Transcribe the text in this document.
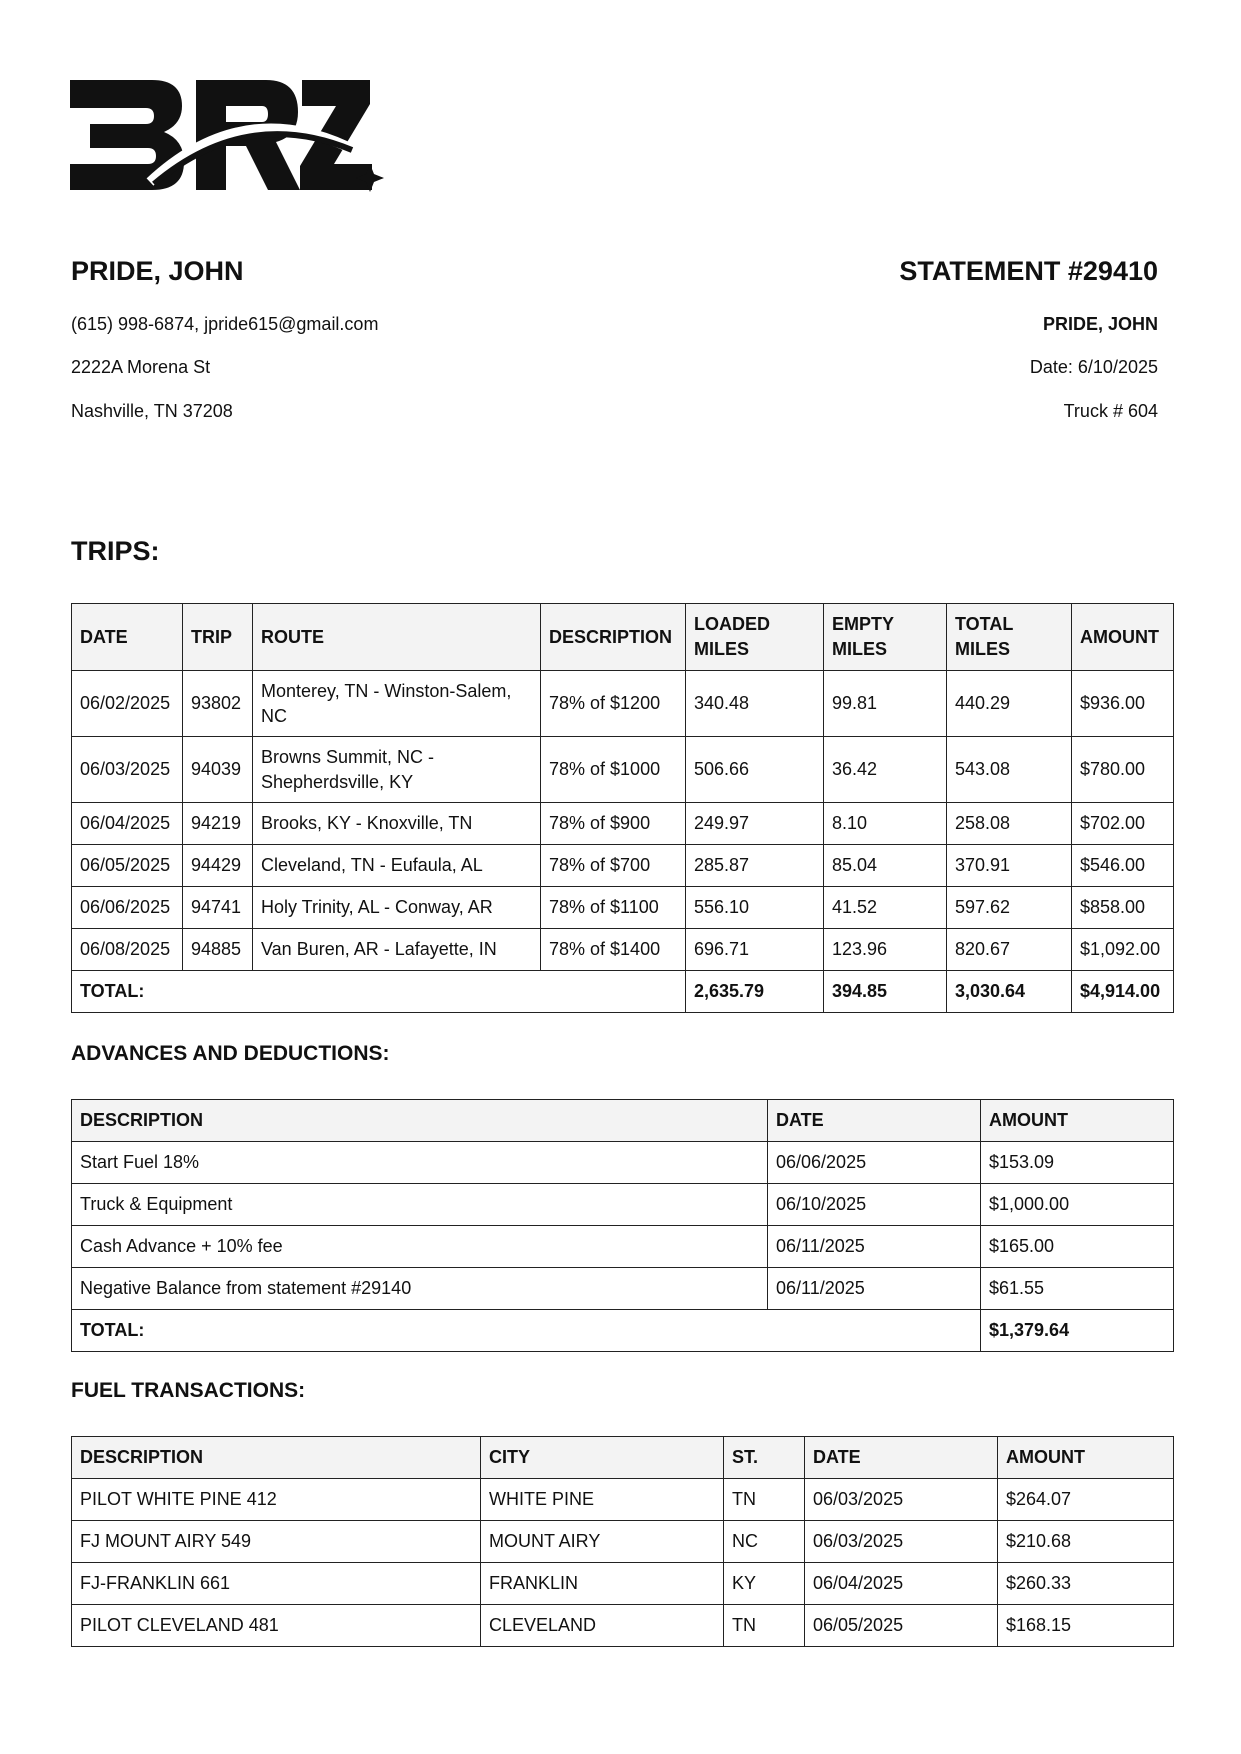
PRIDE, JOHN
(615) 998-6874, jpride615@gmail.com
2222A Morena St
Nashville, TN 37208
STATEMENT #29410
PRIDE, JOHN
Date: 6/10/2025
Truck # 604
TRIPS:
DATE	TRIP	ROUTE	DESCRIPTION	LOADED MILES	EMPTY MILES	TOTAL MILES	AMOUNT
06/02/2025	93802	Monterey, TN - Winston-Salem, NC	78% of $1200	340.48	99.81	440.29	$936.00
06/03/2025	94039	Browns Summit, NC - Shepherdsville, KY	78% of $1000	506.66	36.42	543.08	$780.00
06/04/2025	94219	Brooks, KY - Knoxville, TN	78% of $900	249.97	8.10	258.08	$702.00
06/05/2025	94429	Cleveland, TN - Eufaula, AL	78% of $700	285.87	85.04	370.91	$546.00
06/06/2025	94741	Holy Trinity, AL - Conway, AR	78% of $1100	556.10	41.52	597.62	$858.00
06/08/2025	94885	Van Buren, AR - Lafayette, IN	78% of $1400	696.71	123.96	820.67	$1,092.00
TOTAL:				2,635.79	394.85	3,030.64	$4,914.00
ADVANCES AND DEDUCTIONS:
DESCRIPTION	DATE	AMOUNT
Start Fuel 18%	06/06/2025	$153.09
Truck & Equipment	06/10/2025	$1,000.00
Cash Advance + 10% fee	06/11/2025	$165.00
Negative Balance from statement #29140	06/11/2025	$61.55
TOTAL:		$1,379.64
FUEL TRANSACTIONS:
DESCRIPTION	CITY	ST.	DATE	AMOUNT
PILOT WHITE PINE 412	WHITE PINE	TN	06/03/2025	$264.07
FJ MOUNT AIRY 549	MOUNT AIRY	NC	06/03/2025	$210.68
FJ-FRANKLIN 661	FRANKLIN	KY	06/04/2025	$260.33
PILOT CLEVELAND 481	CLEVELAND	TN	06/05/2025	$168.15
